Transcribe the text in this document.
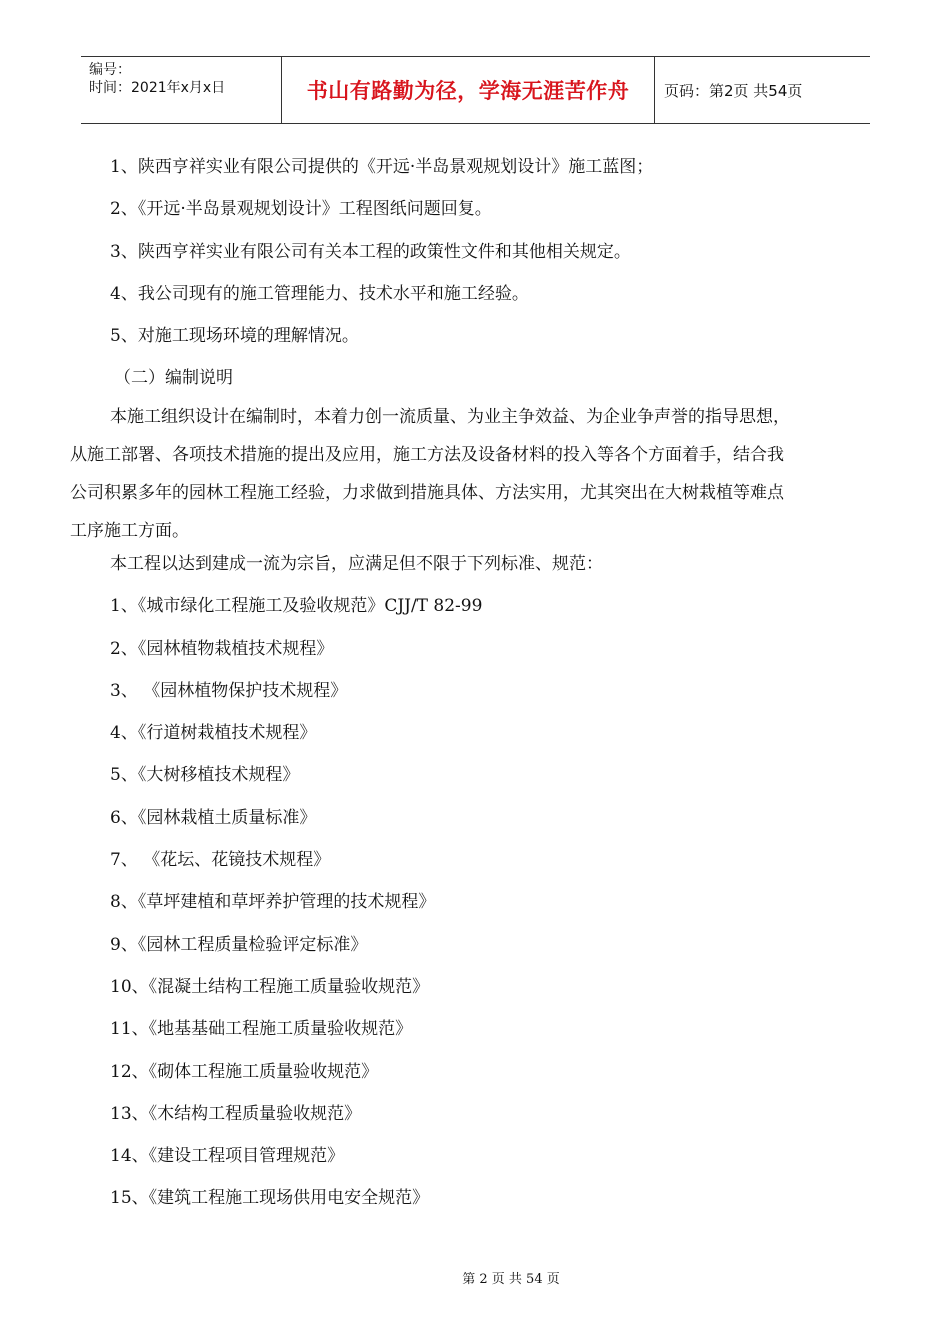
编号：
时间：2021年x月x日	书山有路勤为径，学海无涯苦作舟 页码：第2页 共54页
1、陕西亨祥实业有限公司提供的《开远·半岛景观规划设计》施工蓝图；
2、《开远·半岛景观规划设计》工程图纸问题回复。
3、陕西亨祥实业有限公司有关本工程的政策性文件和其他相关规定。
4、我公司现有的施工管理能力、技术水平和施工经验。
5、对施工现场环境的理解情况。
（二）编制说明
本施工组织设计在编制时，本着力创一流质量、为业主争效益、为企业争声誉的指导思想，
从施工部署、各项技术措施的提出及应用，施工方法及设备材料的投入等各个方面着手，结合我
公司积累多年的园林工程施工经验，力求做到措施具体、方法实用，尤其突出在大树栽植等难点
工序施工方面。
本工程以达到建成一流为宗旨，应满足但不限于下列标准、规范：
1、《城市绿化工程施工及验收规范》CJJ/T 82-99
2、《园林植物栽植技术规程》
3、 《园林植物保护技术规程》
4、《行道树栽植技术规程》
5、《大树移植技术规程》
6、《园林栽植土质量标准》
7、 《花坛、花镜技术规程》
8、《草坪建植和草坪养护管理的技术规程》
9、《园林工程质量检验评定标准》
10、《混凝土结构工程施工质量验收规范》
11、《地基基础工程施工质量验收规范》
12、《砌体工程施工质量验收规范》
13、《木结构工程质量验收规范》
14、《建设工程项目管理规范》
15、《建筑工程施工现场供用电安全规范》
第 2 页 共 54 页
